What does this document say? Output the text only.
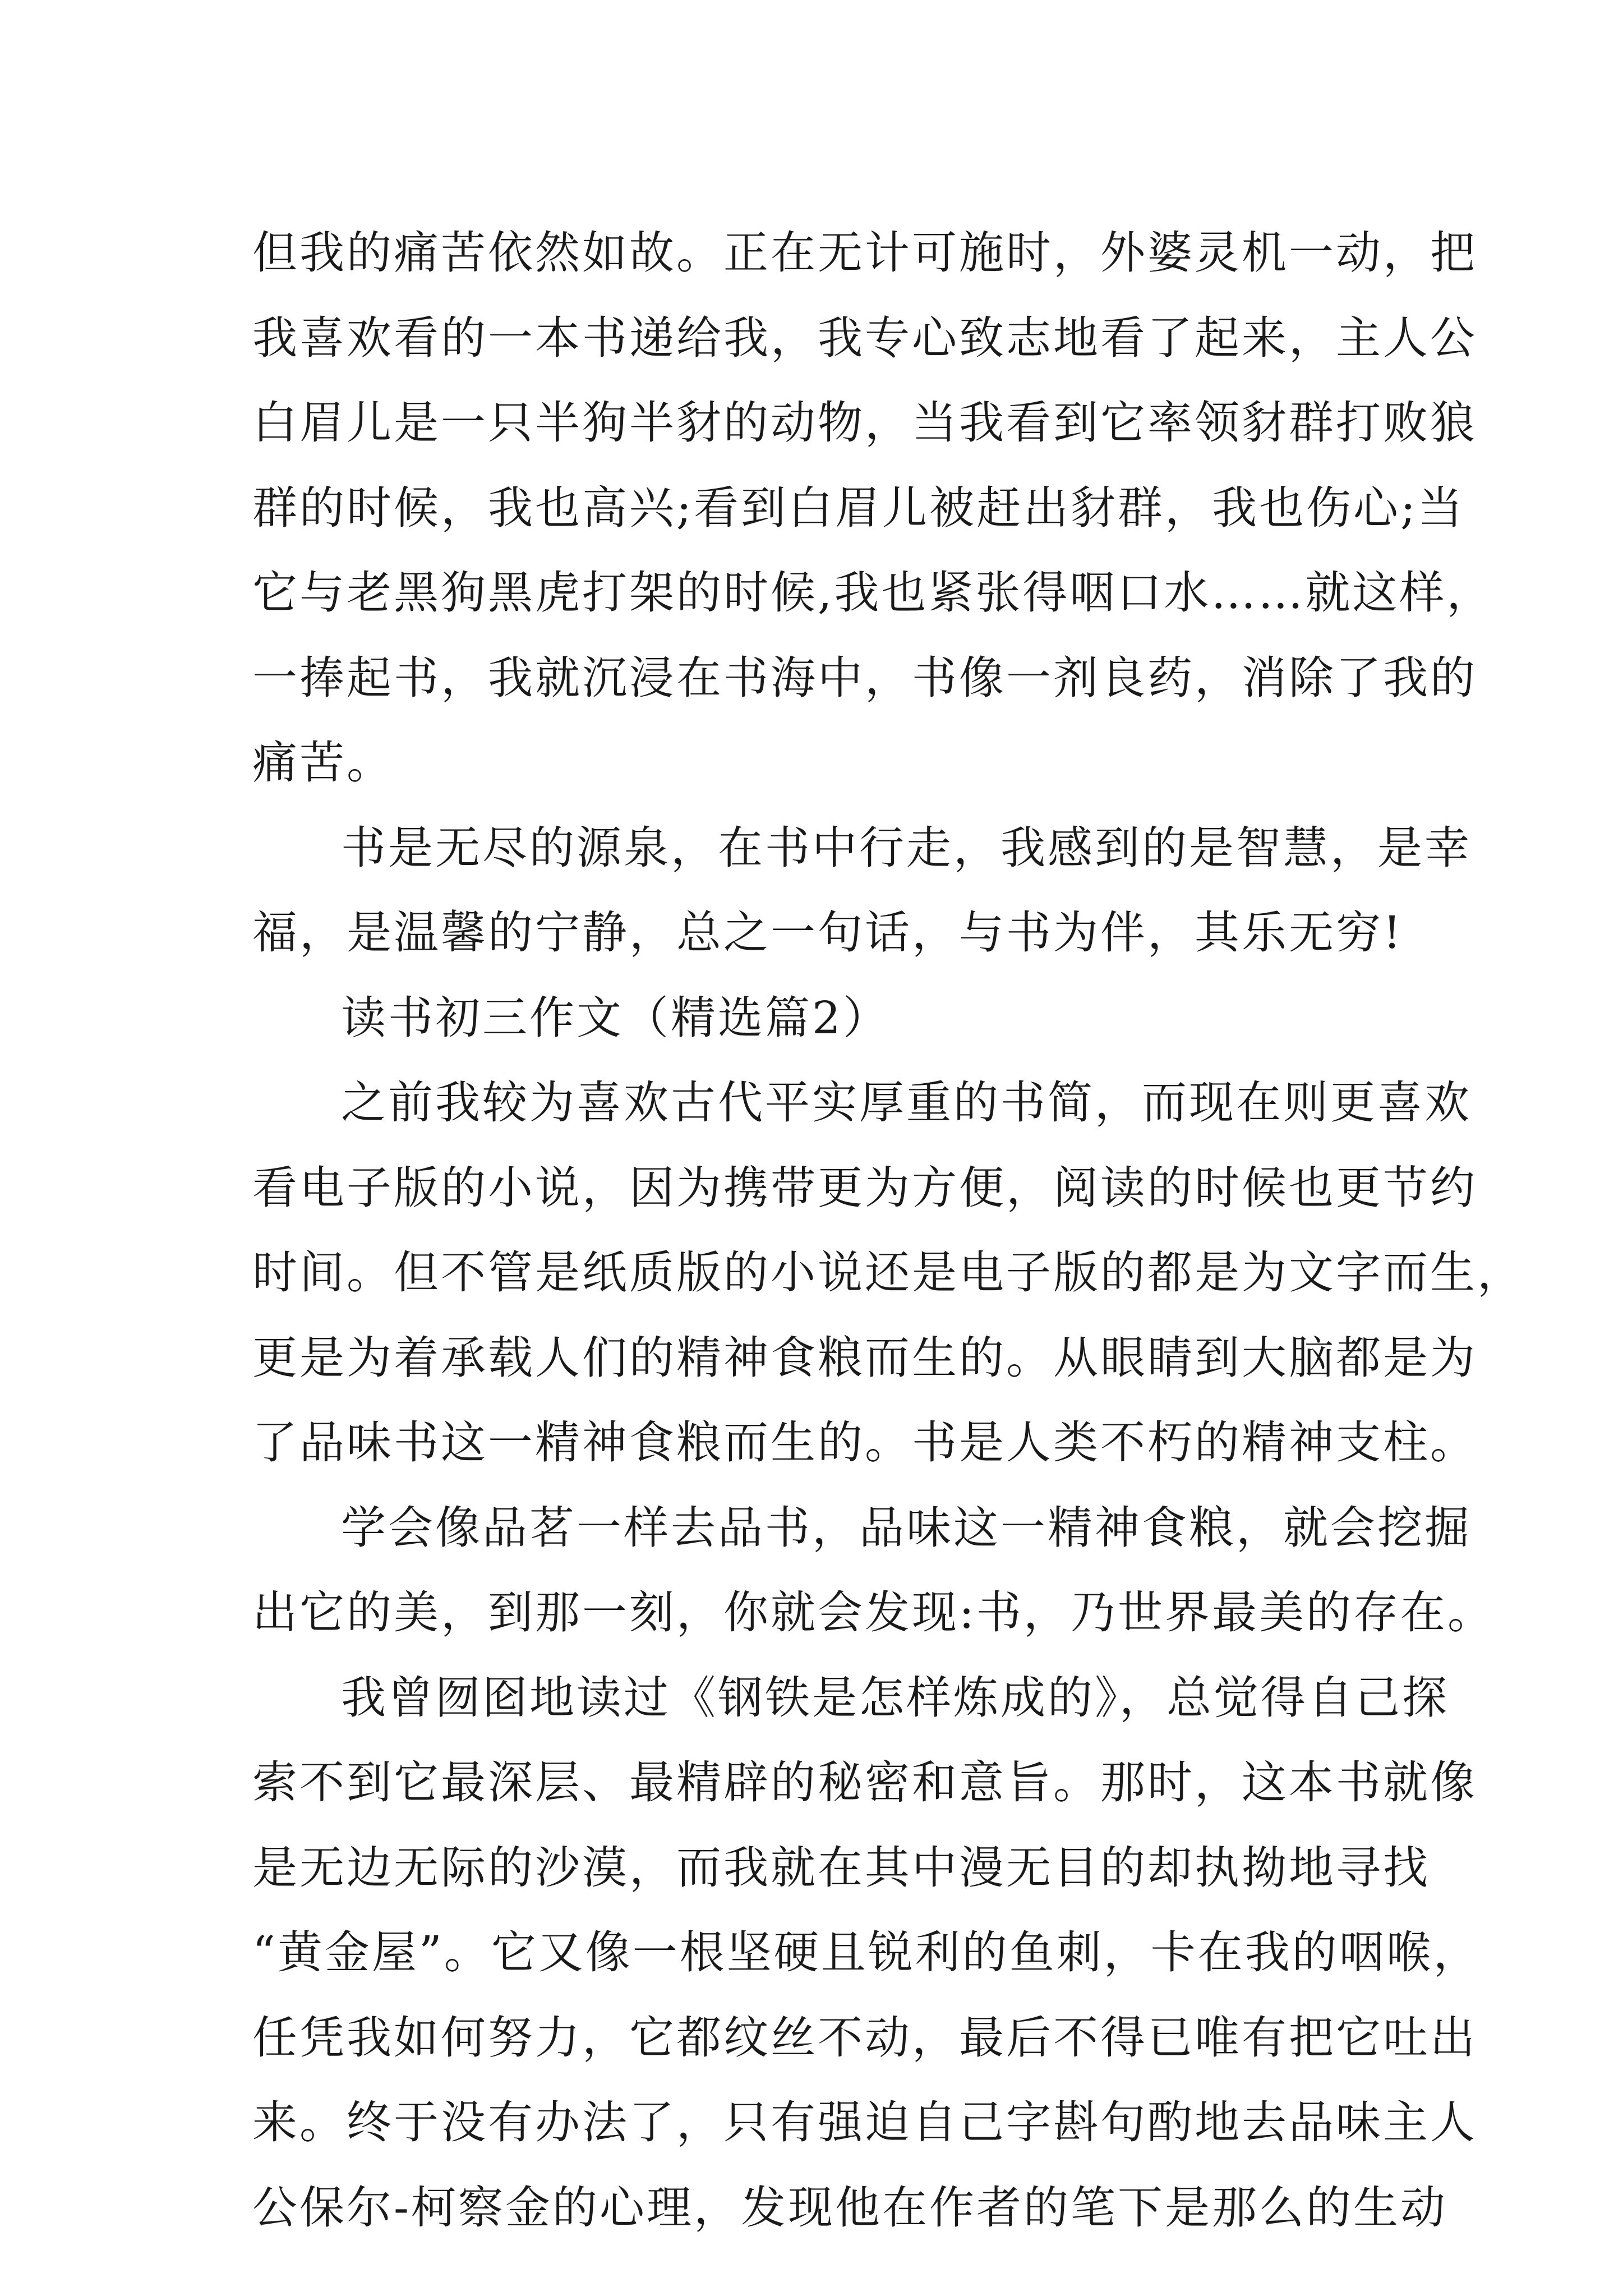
但我的痛苦依然如故。正在无计可施时，外婆灵机一动，把
我喜欢看的一本书递给我，我专心致志地看了起来，主人公
白眉儿是一只半狗半豺的动物，当我看到它率领豺群打败狼
群的时候，我也高兴;看到白眉儿被赶出豺群，我也伤心;当
它与老黑狗黑虎打架的时候,我也紧张得咽口水……就这样，
一捧起书，我就沉浸在书海中，书像一剂良药，消除了我的
痛苦。
书是无尽的源泉，在书中行走，我感到的是智慧，是幸
福，是温馨的宁静，总之一句话，与书为伴，其乐无穷!
读书初三作文（精选篇2）
之前我较为喜欢古代平实厚重的书简，而现在则更喜欢
看电子版的小说，因为携带更为方便，阅读的时候也更节约
时间。但不管是纸质版的小说还是电子版的都是为文字而生，
更是为着承载人们的精神食粮而生的。从眼睛到大脑都是为
了品味书这一精神食粮而生的。书是人类不朽的精神支柱。
学会像品茗一样去品书，品味这一精神食粮，就会挖掘
出它的美，到那一刻，你就会发现:书，乃世界最美的存在。
我曾囫囵地读过《钢铁是怎样炼成的》，总觉得自己探
索不到它最深层、最精辟的秘密和意旨。那时，这本书就像
是无边无际的沙漠，而我就在其中漫无目的却执拗地寻找
“黄金屋”。它又像一根坚硬且锐利的鱼刺，卡在我的咽喉，
任凭我如何努力，它都纹丝不动，最后不得已唯有把它吐出
来。终于没有办法了，只有强迫自己字斟句酌地去品味主人
公保尔-柯察金的心理，发现他在作者的笔下是那么的生动
